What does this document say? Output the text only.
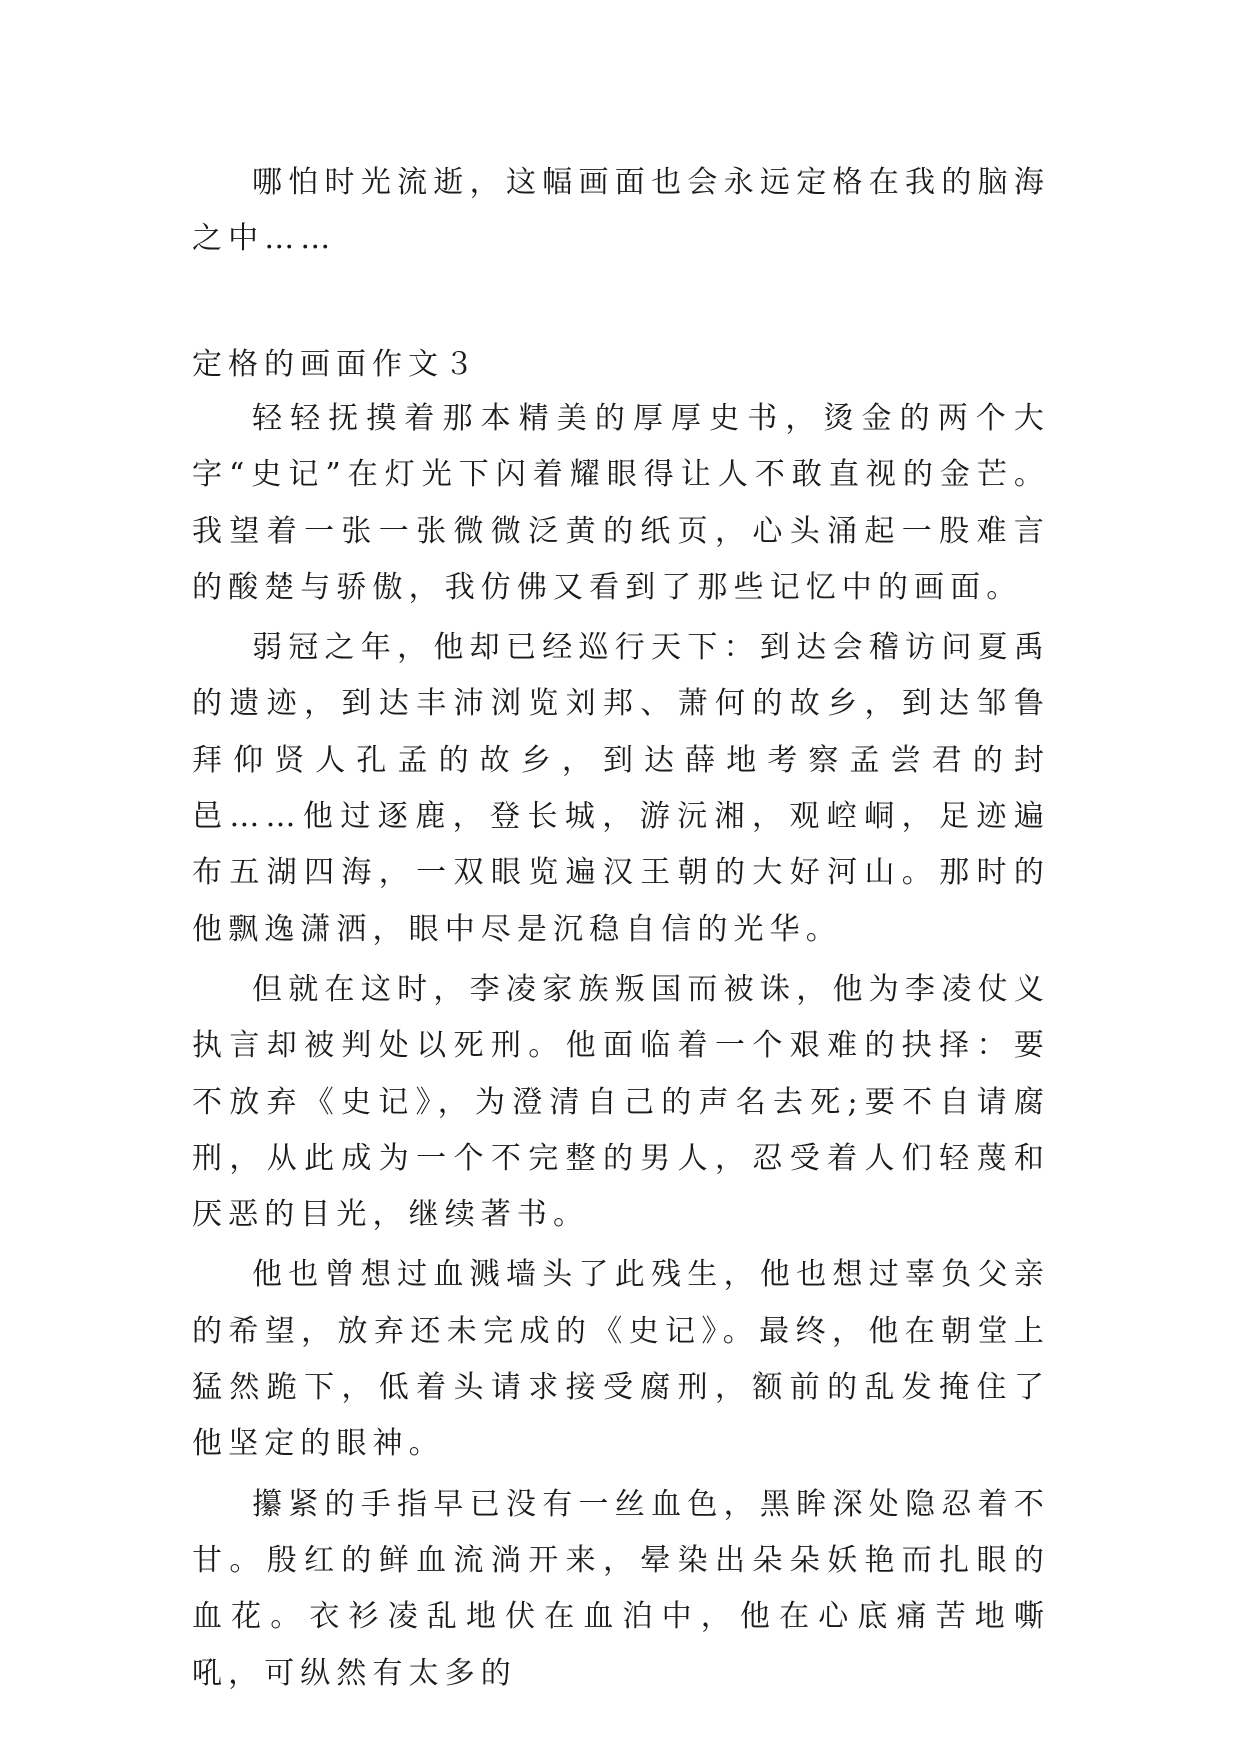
哪怕时光流逝，这幅画面也会永远定格在我的脑海之中……

定格的画面作文３

轻轻抚摸着那本精美的厚厚史书，烫金的两个大字“史记”在灯光下闪着耀眼得让人不敢直视的金芒。我望着一张一张微微泛黄的纸页，心头涌起一股难言的酸楚与骄傲，我仿佛又看到了那些记忆中的画面。

弱冠之年，他却已经巡行天下：到达会稽访问夏禹的遗迹，到达丰沛浏览刘邦、萧何的故乡，到达邹鲁拜仰贤人孔孟的故乡，到达薛地考察孟尝君的封邑……他过逐鹿，登长城，游沅湘，观崆峒，足迹遍布五湖四海，一双眼览遍汉王朝的大好河山。那时的他飘逸潇洒，眼中尽是沉稳自信的光华。

但就在这时，李凌家族叛国而被诛，他为李凌仗义执言却被判处以死刑。他面临着一个艰难的抉择：要不放弃《史记》，为澄清自己的声名去死;要不自请腐刑，从此成为一个不完整的男人，忍受着人们轻蔑和厌恶的目光，继续著书。

他也曾想过血溅墙头了此残生，他也想过辜负父亲的希望，放弃还未完成的《史记》。最终，他在朝堂上猛然跪下，低着头请求接受腐刑，额前的乱发掩住了他坚定的眼神。

攥紧的手指早已没有一丝血色，黑眸深处隐忍着不甘。殷红的鲜血流淌开来，晕染出朵朵妖艳而扎眼的血花。衣衫凌乱地伏在血泊中，他在心底痛苦地嘶吼，可纵然有太多的
